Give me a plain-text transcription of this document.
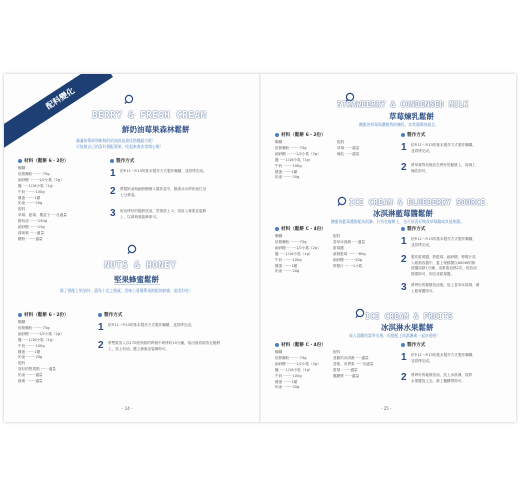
配料變化
BERRY & FRESH CREAM
鮮奶油莓果森林鬆餅
滿滿的莓果和新鮮的奶油真是最佳搭檔組合呢！
可依照自己的喜好搭配莓果，吃起來會非常開心喔！
材料（鬆餅 6・2份）
麵糊
低筋麵粉 ········75g
細砂糖 ········1/2小匙（2g）
鹽 ·····1/16小匙（1g）
牛奶 ········100g
雞蛋 ·······1顆
奶油 ········20g
配料
草莓、藍莓、覆盆子 ····各適量
鮮奶油 ·······150g
細砂糖 ·······15g
薄荷葉 ······適量
糖粉 ········適量
製作方式
1 依P.11～P.13的基本製作方式製作麵糊，並烘烤完成。
2 將製奶油與細砂糖倒入攪拌盆中，隔著冰水將奶油打至
七分發泡。
3 取出烤好的鬆餅放涼，然後塗上 2，再放入莓果並裝飾
上，以薄荷葉裝飾即可。
NUTS & HONEY
堅果蜂蜜鬆餅
除了搭配上奶油外，還為十足之後就，美味上看簡單再搭配的蜂蜜，超美好吃！
材料（鬆餅 6・2份）
麵糊
低筋麵粉 ········75g
細砂糖 ········1/2小匙（2g）
鹽 ·····1/16小匙（1g）
牛奶 ········100g
雞蛋 ·······1顆
奶油 ········20g
配料
喜好的堅果類 ·······適量
奶油 ········適量
蜂蜜 ········適量
製作方式
1 依P.11～P.13的基本製作方式製作麵糊，並烘烤完成。
2 將堅果放入以170度預熱的烤箱中烘烤約10分鐘，取出後切碎放在鬆餅
上，放上奶油，撒上蜂蜜並裝飾即可。
- 24 -
STRAWBERRY & CONDENSED MILK
草莓煉乳鬆餅
酸甜的草莓與濃醇香的煉乳，非常簡單的組合。
材料（鬆餅 6・2份）
麵糊
低筋麵粉 ········75g
細砂糖 ········1/2小匙（2g）
鹽 ·····1/16小匙（1g）
牛奶 ········100g
雞蛋 ·······1顆
奶油 ········20g
配料
草莓 ······適量
煉乳 ······適量
製作方式
1 依P.11～P.13的基本製作方式製作麵糊，
並烘烤完成。
2 將草莓對切後放在烤好的鬆餅上，再淋上
煉乳即可。
ICE CREAM & BLUEBERRY SOURCE
冰淇淋藍莓醬鬆餅
酸甜的藍莓醬搭配冰淇淋，只有在鬆餅上，也可依喜好換成草莓醬或其他果醬。
材料（鬆餅 C・4份）
麵糊
低筋麵粉 ········75g
細砂糖 ········1/2小匙（2g）
鹽 ·····1/16小匙（1g）
牛奶 ········100g
雞蛋 ·······1顆
奶油 ········20g
配料
香草冰淇淋 ·····適量
藍莓醬
新鮮藍莓 ·········80g
細砂糖 ·········20g
檸檬汁 ·······1小匙
製作方式
1 依P.11～P.13的基本製作方式製作麵糊，
並烘烤完成。
2 製作藍莓醬，將藍莓、細砂糖、檸檬汁放
入耐熱容器中，蓋上保鮮膜以600W的微
波爐加熱1分鐘，這重複加熱2次，再放涼
靜置即可，即完成藍莓醬。
3 將烤好的鬆餅放涼後，放上香草冰淇淋，淋
上藍莓醬即可。
ICE CREAM & FRUITS
冰淇淋水果鬆餅
放入喜歡的當季水果，再搭配上冰淇淋來一起享用吧！
材料（鬆餅 C・4份）
麵糊
低筋麵粉 ········75g
細砂糖 ········1/2小匙（2g）
鹽 ·····1/16小匙（1g）
牛奶 ········100g
雞蛋 ·······1顆
奶油 ········20g
配料
喜歡的冰淇淋 ·····適量
香蕉、奇異果 ······各適量
藍莓 ········適量
楓糖漿 ······適量
製作方式
1 依P.11～P.13的基本製作方式製作麵糊，
並烘烤完成。
2 將烤好的鬆餅放涼，放上冰淇淋、再將
水果擺放上去。淋上楓糖漿即可。
- 25 -
